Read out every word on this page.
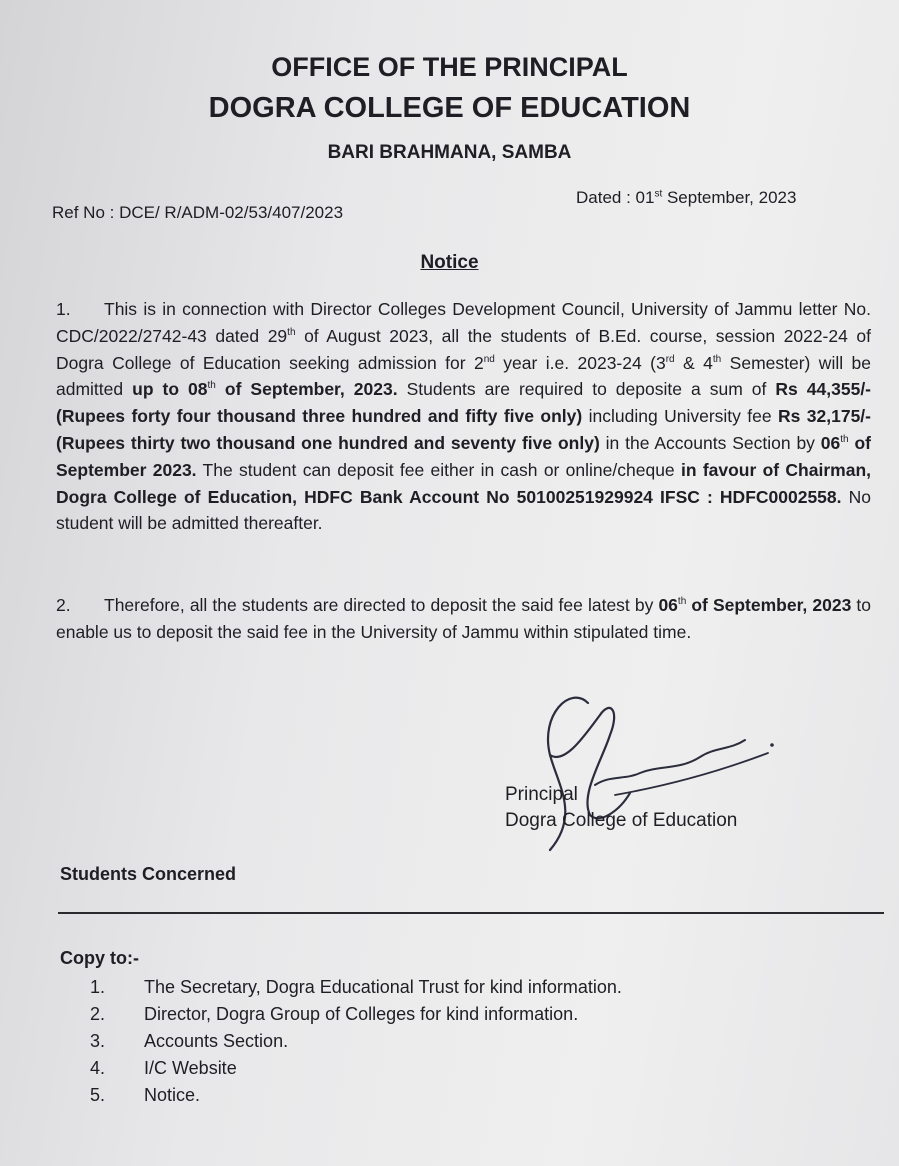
OFFICE OF THE PRINCIPAL
DOGRA COLLEGE OF EDUCATION
BARI BRAHMANA, SAMBA
Ref No : DCE/ R/ADM-02/53/407/2023
Dated : 01st September, 2023
Notice
1. This is in connection with Director Colleges Development Council, University of Jammu letter No. CDC/2022/2742-43 dated 29th of August 2023, all the students of B.Ed. course, session 2022-24 of Dogra College of Education seeking admission for 2nd year i.e. 2023-24 (3rd & 4th Semester) will be admitted up to 08th of September, 2023. Students are required to deposite a sum of Rs 44,355/- (Rupees forty four thousand three hundred and fifty five only) including University fee Rs 32,175/- (Rupees thirty two thousand one hundred and seventy five only) in the Accounts Section by 06th of September 2023. The student can deposit fee either in cash or online/cheque in favour of Chairman, Dogra College of Education, HDFC Bank Account No 50100251929924 IFSC : HDFC0002558. No student will be admitted thereafter.
2. Therefore, all the students are directed to deposit the said fee latest by 06th of September, 2023 to enable us to deposit the said fee in the University of Jammu within stipulated time.
Principal
Dogra College of Education
Students Concerned
Copy to:-
1.	The Secretary, Dogra Educational Trust for kind information.
2.	Director, Dogra Group of Colleges for kind information.
3.	Accounts Section.
4.	I/C Website
5.	Notice.
